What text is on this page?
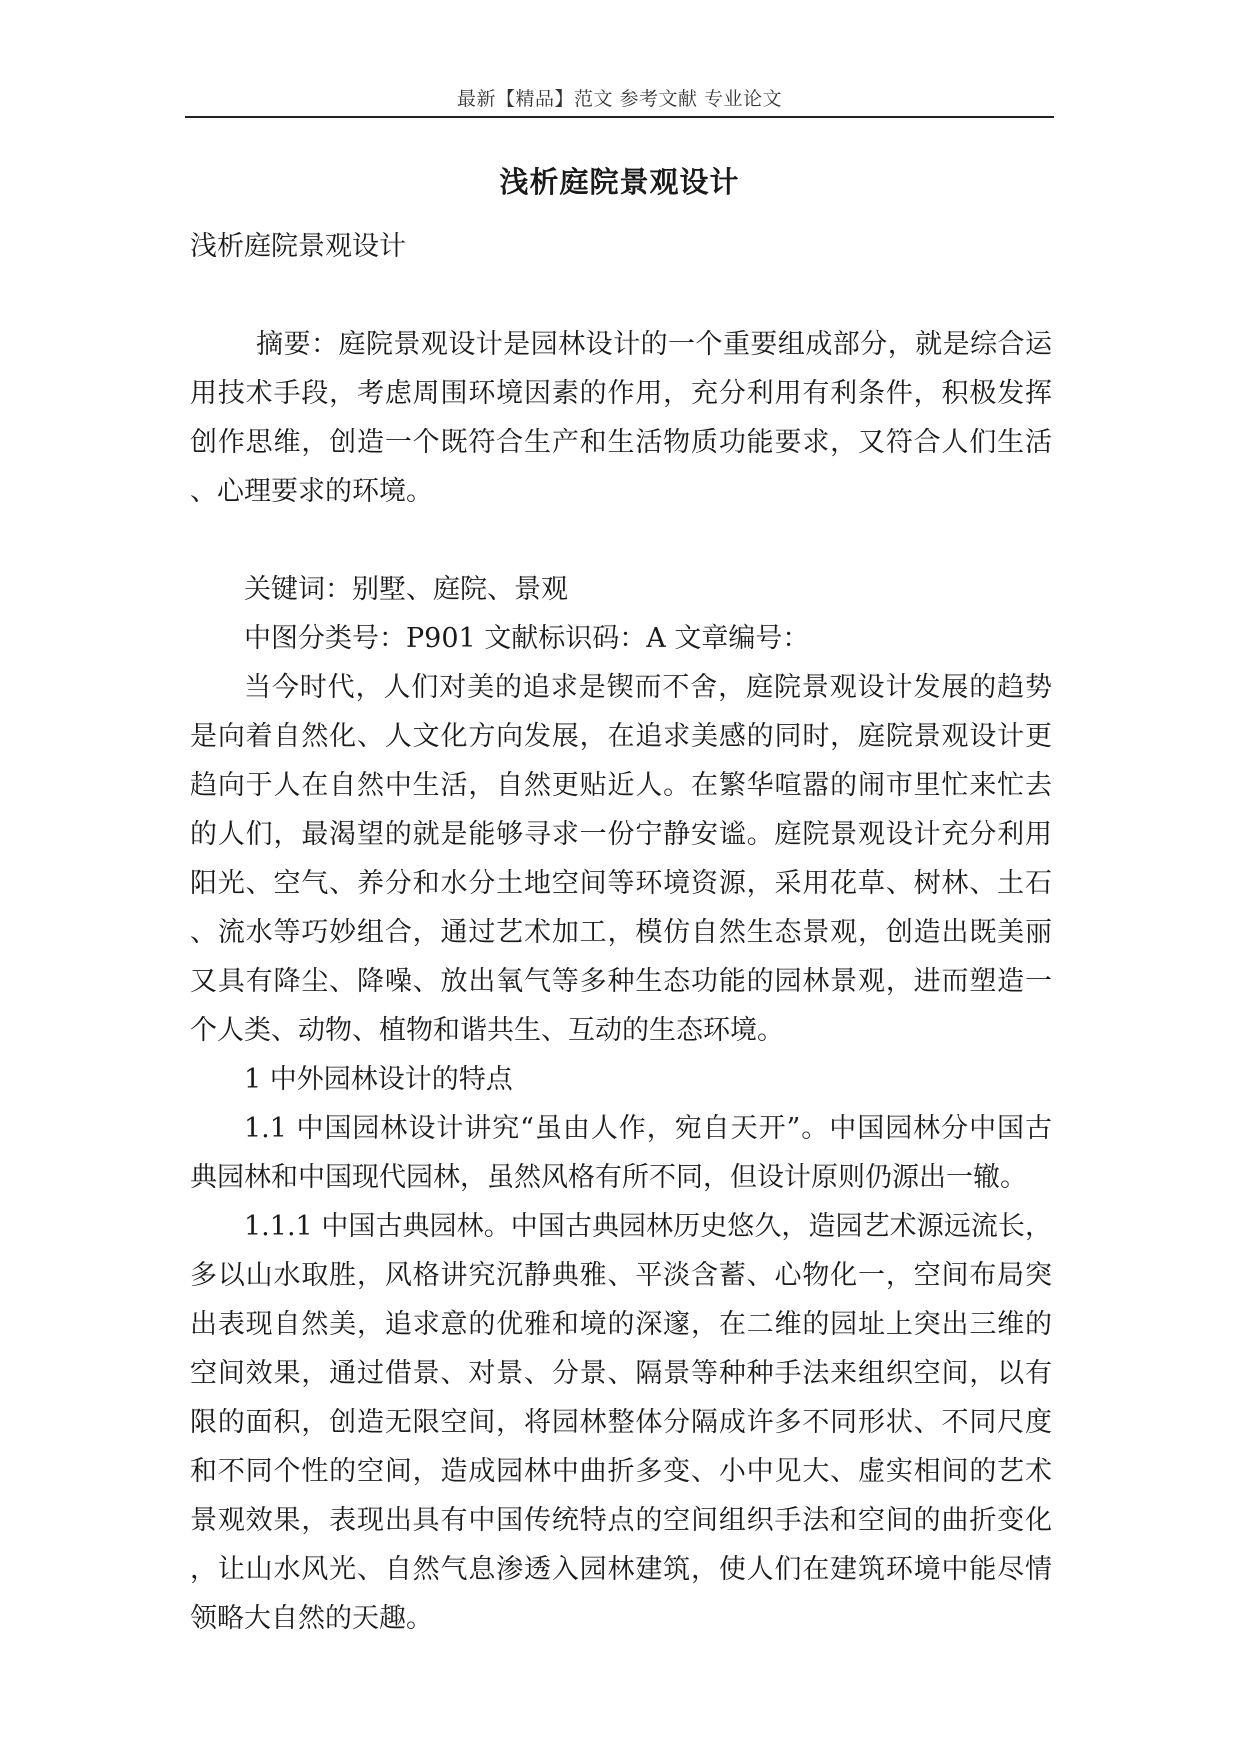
最新【精品】范文 参考文献 专业论文
浅析庭院景观设计

浅析庭院景观设计

摘要：庭院景观设计是园林设计的一个重要组成部分，就是综合运用技术手段，考虑周围环境因素的作用，充分利用有利条件，积极发挥创作思维，创造一个既符合生产和生活物质功能要求，又符合人们生活、心理要求的环境。

关键词：别墅、庭院、景观

中图分类号：P901 文献标识码：A 文章编号：

当今时代，人们对美的追求是锲而不舍，庭院景观设计发展的趋势是向着自然化、人文化方向发展，在追求美感的同时，庭院景观设计更趋向于人在自然中生活，自然更贴近人。在繁华喧嚣的闹市里忙来忙去的人们，最渴望的就是能够寻求一份宁静安谧。庭院景观设计充分利用阳光、空气、养分和水分土地空间等环境资源，采用花草、树林、土石、流水等巧妙组合，通过艺术加工，模仿自然生态景观，创造出既美丽又具有降尘、降噪、放出氧气等多种生态功能的园林景观，进而塑造一个人类、动物、植物和谐共生、互动的生态环境。

1 中外园林设计的特点

1.1 中国园林设计讲究“虽由人作，宛自天开”。中国园林分中国古典园林和中国现代园林，虽然风格有所不同，但设计原则仍源出一辙。

1.1.1 中国古典园林。中国古典园林历史悠久，造园艺术源远流长，多以山水取胜，风格讲究沉静典雅、平淡含蓄、心物化一，空间布局突出表现自然美，追求意的优雅和境的深邃，在二维的园址上突出三维的空间效果，通过借景、对景、分景、隔景等种种手法来组织空间，以有限的面积，创造无限空间，将园林整体分隔成许多不同形状、不同尺度和不同个性的空间，造成园林中曲折多变、小中见大、虚实相间的艺术景观效果，表现出具有中国传统特点的空间组织手法和空间的曲折变化，让山水风光、自然气息渗透入园林建筑，使人们在建筑环境中能尽情领略大自然的天趣。
